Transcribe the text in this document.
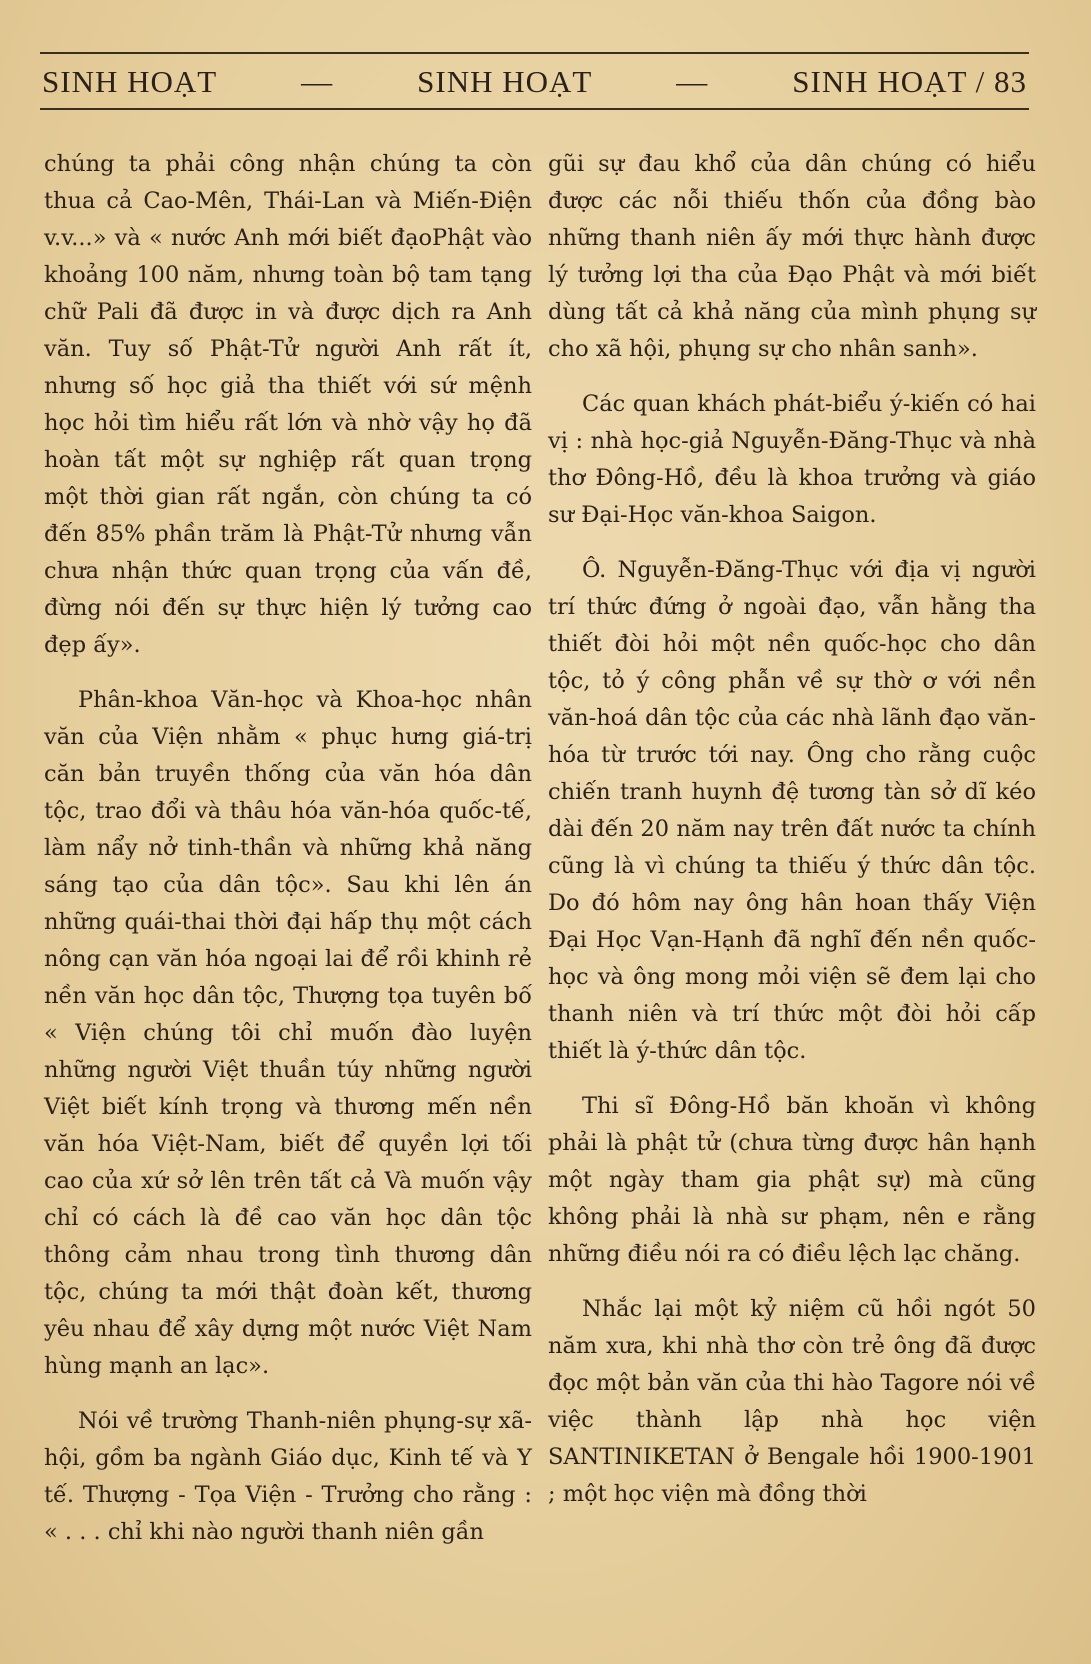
SINH HOẠT	—	SINH HOẠT	—	SINH HOẠT / 83

chúng ta phải công nhận chúng ta còn thua cả Cao-Mên, Thái-Lan và Miến-Điện v.v...» và « nước Anh mới biết đạoPhật vào khoảng 100 năm, nhưng toàn bộ tam tạng chữ Pali đã được in và được dịch ra Anh văn. Tuy số Phật-Tử người Anh rất ít, nhưng số học giả tha thiết với sứ mệnh học hỏi tìm hiểu rất lớn và nhờ vậy họ đã hoàn tất một sự nghiệp rất quan trọng một thời gian rất ngắn, còn chúng ta có đến 85% phần trăm là Phật-Tử nhưng vẫn chưa nhận thức quan trọng của vấn đề, đừng nói đến sự thực hiện lý tưởng cao đẹp ấy».

Phân-khoa Văn-học và Khoa-học nhân văn của Viện nhằm « phục hưng giá-trị căn bản truyền thống của văn hóa dân tộc, trao đổi và thâu hóa văn-hóa quốc-tế, làm nẩy nở tinh-thần và những khả năng sáng tạo của dân tộc». Sau khi lên án những quái-thai thời đại hấp thụ một cách nông cạn văn hóa ngoại lai để rồi khinh rẻ nền văn học dân tộc, Thượng tọa tuyên bố « Viện chúng tôi chỉ muốn đào luyện những người Việt thuần túy những người Việt biết kính trọng và thương mến nền văn hóa Việt-Nam, biết để quyền lợi tối cao của xứ sở lên trên tất cả Và muốn vậy chỉ có cách là đề cao văn học dân tộc thông cảm nhau trong tình thương dân tộc, chúng ta mới thật đoàn kết, thương yêu nhau để xây dựng một nước Việt Nam hùng mạnh an lạc».

Nói về trường Thanh-niên phụng-sự xã-hội, gồm ba ngành Giáo dục, Kinh tế và Y tế. Thượng - Tọa Viện - Trưởng cho rằng : « . . . chỉ khi nào người thanh niên gần

gũi sự đau khổ của dân chúng có hiểu được các nỗi thiếu thốn của đồng bào những thanh niên ấy mới thực hành được lý tưởng lợi tha của Đạo Phật và mới biết dùng tất cả khả năng của mình phụng sự cho xã hội, phụng sự cho nhân sanh».

Các quan khách phát-biểu ý-kiến có hai vị : nhà học-giả Nguyễn-Đăng-Thục và nhà thơ Đông-Hồ, đều là khoa trưởng và giáo sư Đại-Học văn-khoa Saigon.

Ô. Nguyễn-Đăng-Thục với địa vị người trí thức đứng ở ngoài đạo, vẫn hằng tha thiết đòi hỏi một nền quốc-học cho dân tộc, tỏ ý công phẫn về sự thờ ơ với nền văn-hoá dân tộc của các nhà lãnh đạo văn-hóa từ trước tới nay. Ông cho rằng cuộc chiến tranh huynh đệ tương tàn sở dĩ kéo dài đến 20 năm nay trên đất nước ta chính cũng là vì chúng ta thiếu ý thức dân tộc. Do đó hôm nay ông hân hoan thấy Viện Đại Học Vạn-Hạnh đã nghĩ đến nền quốc-học và ông mong mỏi viện sẽ đem lại cho thanh niên và trí thức một đòi hỏi cấp thiết là ý-thức dân tộc.

Thi sĩ Đông-Hồ băn khoăn vì không phải là phật tử (chưa từng được hân hạnh một ngày tham gia phật sự) mà cũng không phải là nhà sư phạm, nên e rằng những điều nói ra có điều lệch lạc chăng.

Nhắc lại một kỷ niệm cũ hồi ngót 50 năm xưa, khi nhà thơ còn trẻ ông đã được đọc một bản văn của thi hào Tagore nói về việc thành lập nhà học viện SANTINIKETAN ở Bengale hồi 1900-1901 ; một học viện mà đồng thời
